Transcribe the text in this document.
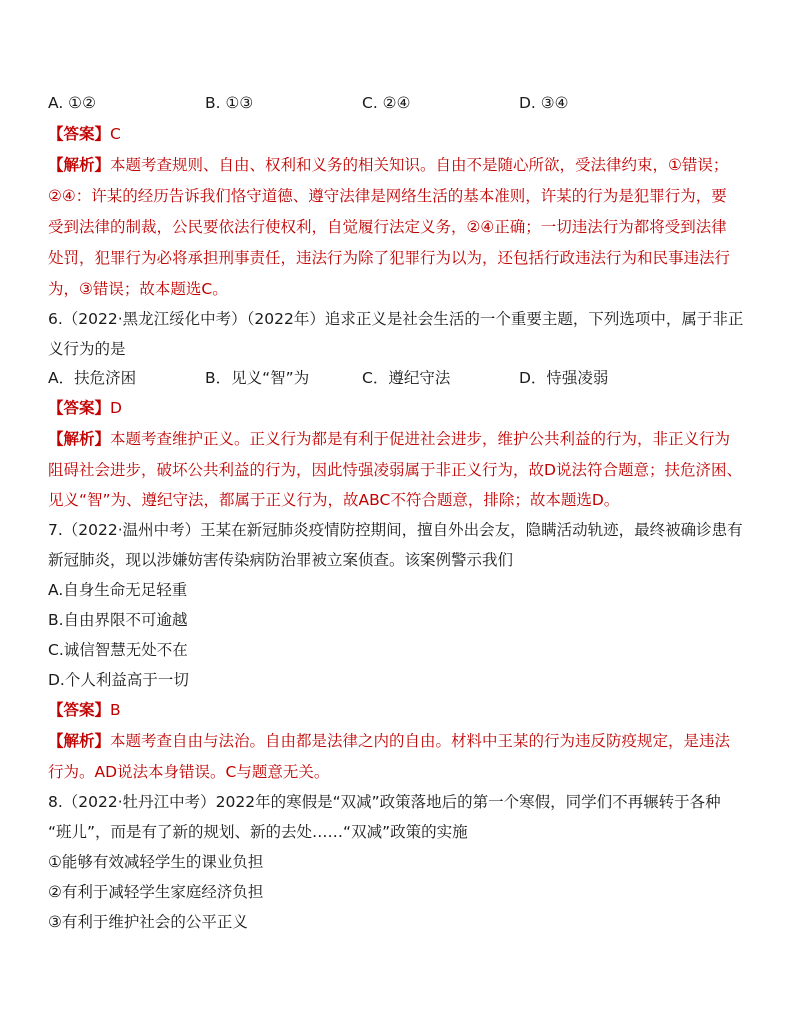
A. ①②	B. ①③	C. ②④	D. ③④
【答案】C
【解析】本题考查规则、自由、权利和义务的相关知识。自由不是随心所欲，受法律约束，①错误；
②④：许某的经历告诉我们恪守道德、遵守法律是网络生活的基本准则，许某的行为是犯罪行为，要
受到法律的制裁，公民要依法行使权利，自觉履行法定义务，②④正确；一切违法行为都将受到法律
处罚，犯罪行为必将承担刑事责任，违法行为除了犯罪行为以为，还包括行政违法行为和民事违法行
为，③错误；故本题选C。
6.（2022·黑龙江绥化中考）（2022年）追求正义是社会生活的一个重要主题，下列选项中，属于非正
义行为的是
A．扶危济困	B．见义“智”为	C．遵纪守法	D．恃强凌弱
【答案】D
【解析】本题考查维护正义。正义行为都是有利于促进社会进步，维护公共利益的行为，非正义行为
阻碍社会进步，破坏公共利益的行为，因此恃强凌弱属于非正义行为，故D说法符合题意；扶危济困、
见义“智”为、遵纪守法，都属于正义行为，故ABC不符合题意，排除；故本题选D。
7.（2022·温州中考）王某在新冠肺炎疫情防控期间，擅自外出会友，隐瞒活动轨迹，最终被确诊患有
新冠肺炎，现以涉嫌妨害传染病防治罪被立案侦查。该案例警示我们
A.自身生命无足轻重
B.自由界限不可逾越
C.诚信智慧无处不在
D.个人利益高于一切
【答案】B
【解析】本题考查自由与法治。自由都是法律之内的自由。材料中王某的行为违反防疫规定，是违法
行为。AD说法本身错误。C与题意无关。
8.（2022·牡丹江中考）2022年的寒假是“双减”政策落地后的第一个寒假，同学们不再辗转于各种
“班儿”，而是有了新的规划、新的去处……“双减”政策的实施
①能够有效减轻学生的课业负担
②有利于减轻学生家庭经济负担
③有利于维护社会的公平正义
